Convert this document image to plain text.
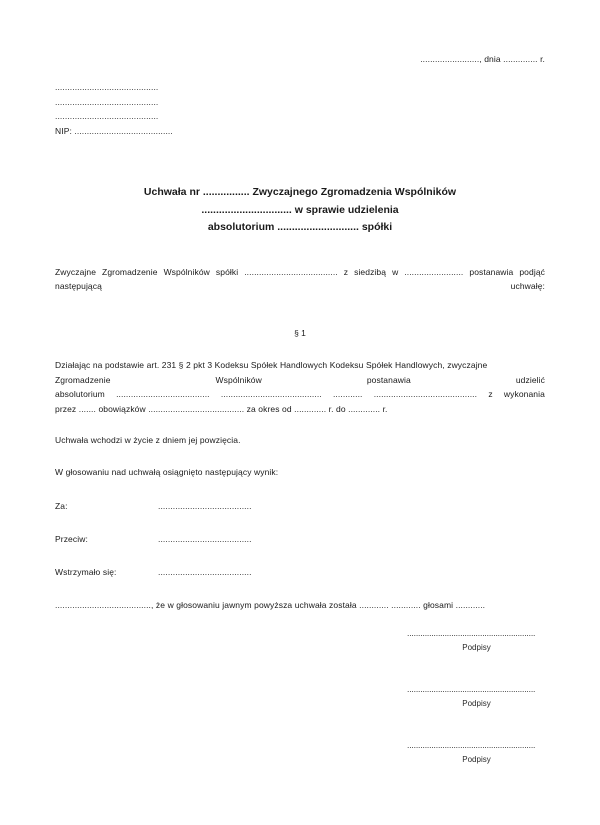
........................, dnia .............. r.
..........................................
..........................................
..........................................
NIP: ........................................
Uchwała nr ................ Zwyczajnego Zgromadzenia Wspólników
............................... w sprawie udzielenia
absolutorium ............................ spółki
Zwyczajne Zgromadzenie Wspólników spółki ...................................... z siedzibą w ........................ postanawia podjąć następującą uchwałę:
§ 1
Działając na podstawie art. 231 § 2 pkt 3 Kodeksu Spółek Handlowych Kodeksu Spółek Handlowych, zwyczajne
Zgromadzenie	Wspólników	postanawia	udzielić
absolutorium ...................................... ......................................... ............ .......................................... z wykonania
przez ....... obowiązków ....................................... za okres od ............. r. do ............. r.
Uchwała wchodzi w życie z dniem jej powzięcia.
W głosowaniu nad uchwałą osiągnięto następujący wynik:
Za:	......................................
Przeciw:	......................................
Wstrzymało się:	......................................
......................................., że w głosowaniu jawnym powyższa uchwała została ............ ............ głosami ............
..........................................................
Podpisy
..........................................................
Podpisy
..........................................................
Podpisy
